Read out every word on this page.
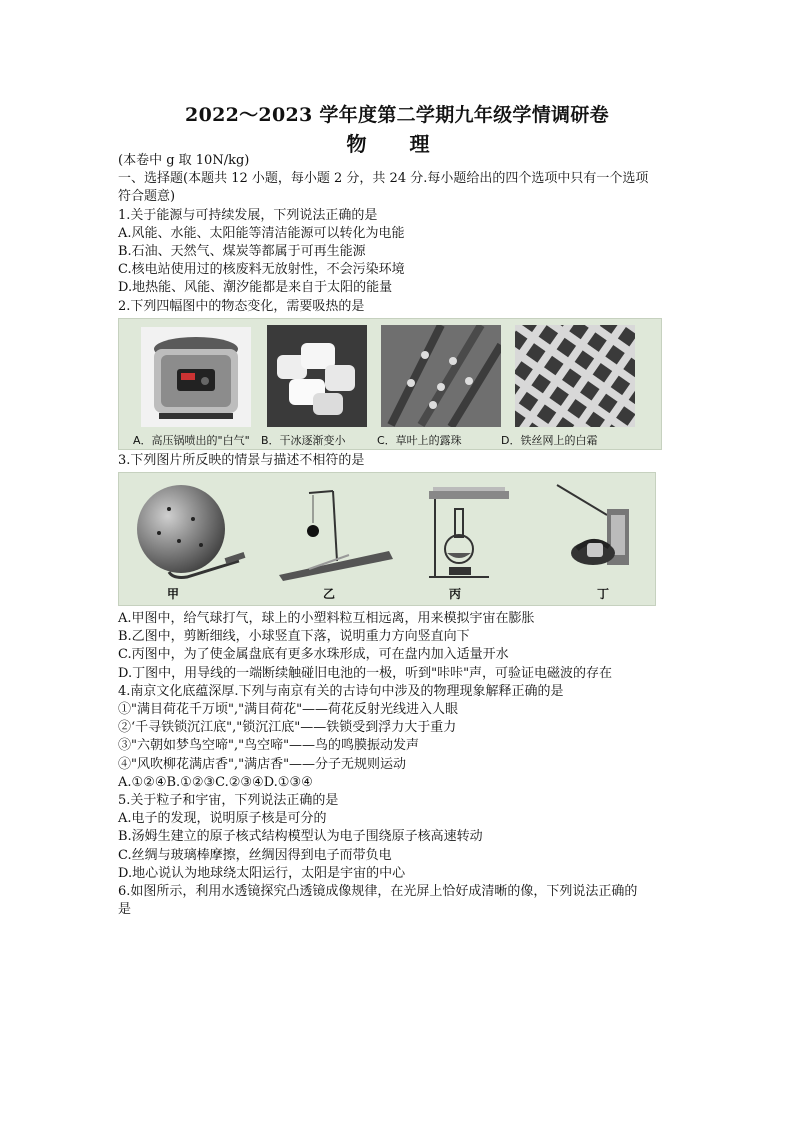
2022～2023 学年度第二学期九年级学情调研卷
物 理
(本卷中 g 取 10N/kg)
一、选择题(本题共 12 小题，每小题 2 分，共 24 分.每小题给出的四个选项中只有一个选项
符合题意)
1.关于能源与可持续发展，下列说法正确的是
A.风能、水能、太阳能等清洁能源可以转化为电能
B.石油、天然气、煤炭等都属于可再生能源
C.核电站使用过的核废料无放射性，不会污染环境
D.地热能、风能、潮汐能都是来自于太阳的能量
2.下列四幅图中的物态变化，需要吸热的是
A．高压锅喷出的"白气" B．干冰逐渐变小	C．草叶上的露珠	D．铁丝网上的白霜
3.下列图片所反映的情景与描述不相符的是
甲	乙	丙	丁
A.甲图中，给气球打气，球上的小塑料粒互相远离，用来模拟宇宙在膨胀
B.乙图中，剪断细线，小球竖直下落，说明重力方向竖直向下
C.丙图中，为了使金属盘底有更多水珠形成，可在盘内加入适量开水
D.丁图中，用导线的一端断续触碰旧电池的一极，听到"咔咔"声，可验证电磁波的存在
4.南京文化底蕴深厚.下列与南京有关的古诗句中涉及的物理现象解释正确的是
①"满目荷花千万顷","满目荷花"——荷花反射光线进入人眼
②‘千寻铁锁沉江底","锁沉江底"——铁锁受到浮力大于重力
③"六朝如梦鸟空啼","鸟空啼"——鸟的鸣膜振动发声
④"风吹柳花满店香","满店香"——分子无规则运动
A.①②④B.①②③C.②③④D.①③④
5.关于粒子和宇宙，下列说法正确的是
A.电子的发现，说明原子核是可分的
B.汤姆生建立的原子核式结构模型认为电子围绕原子核高速转动
C.丝绸与玻璃棒摩擦，丝绸因得到电子而带负电
D.地心说认为地球绕太阳运行，太阳是宇宙的中心
6.如图所示，利用水透镜探究凸透镜成像规律，在光屏上恰好成清晰的像，下列说法正确的
是
